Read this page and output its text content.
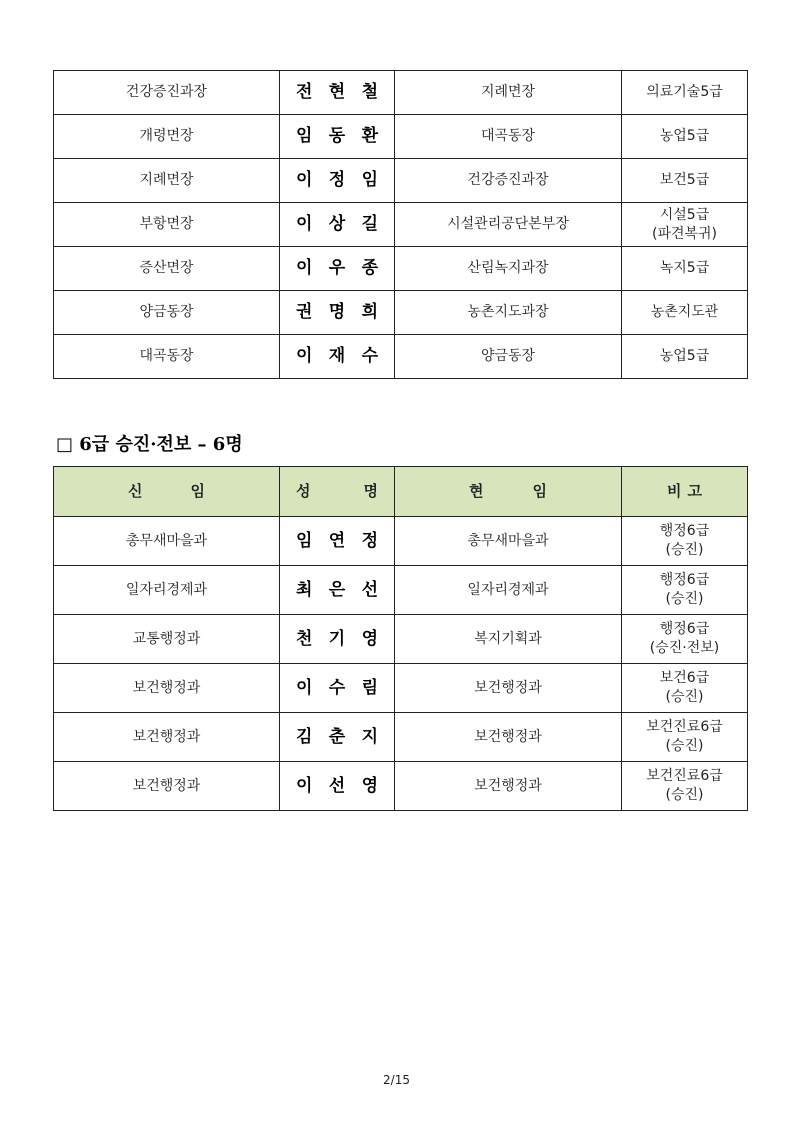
건강증진과장	전 현 철	지례면장	의료기술5급
개령면장	임 동 환	대곡동장	농업5급
지례면장	이 정 임	건강증진과장	보건5급
부항면장	이 상 길	시설관리공단본부장	시설5급
(파견복귀)
증산면장	이 우 종	산림녹지과장	녹지5급
양금동장	권 명 희	농촌지도과장	농촌지도관
대곡동장	이 재 수	양금동장	농업5급
□ 6급 승진·전보 – 6명
신 임	성 명	현 임	비 고

총무새마을과	임 연 정	총무새마을과	행정6급
(승진)
일자리경제과	최 은 선	일자리경제과	행정6급
(승진)
교통행정과	천 기 영	복지기획과	행정6급
(승진·전보)
보건행정과	이 수 림	보건행정과	보건6급
(승진)
보건행정과	김 춘 지	보건행정과	보건진료6급
(승진)
보건행정과	이 선 영	보건행정과	보건진료6급
(승진)
2/15
